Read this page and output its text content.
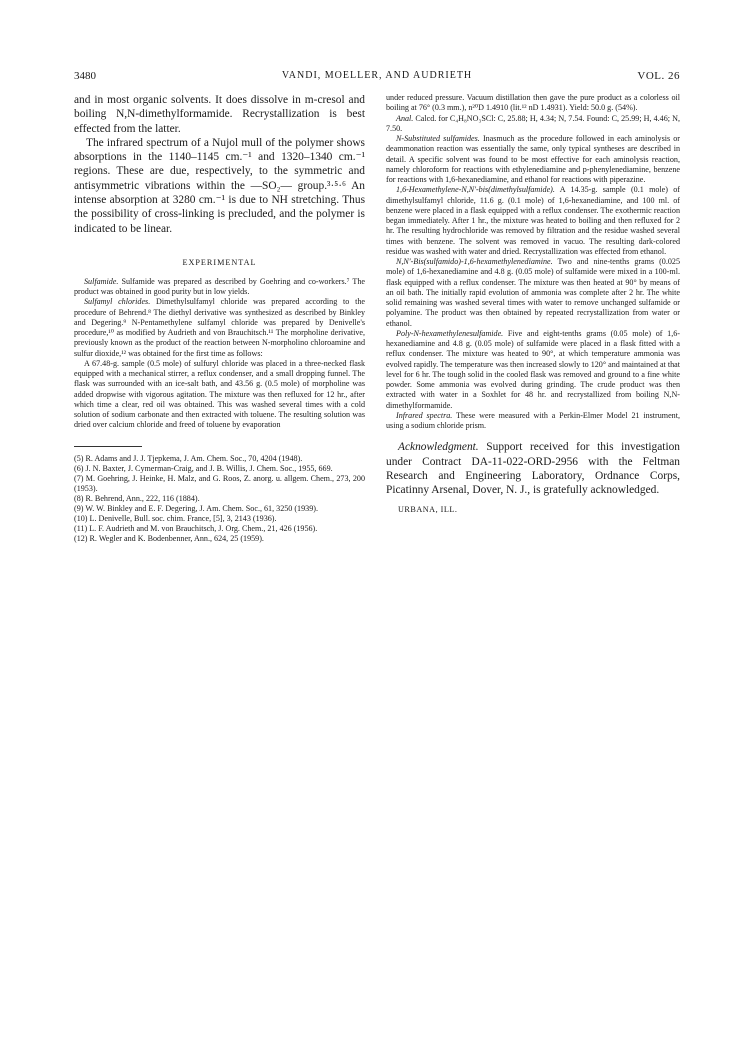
3480	VANDI, MOELLER, AND AUDRIETH	VOL. 26

and in most organic solvents. It does dissolve in m-cresol and boiling N,N-dimethylformamide. Recrystallization is best effected from the latter.

The infrared spectrum of a Nujol mull of the polymer shows absorptions in the 1140–1145 cm.⁻¹ and 1320–1340 cm.⁻¹ regions. These are due, respectively, to the symmetric and antisymmetric vibrations within the —SO₂— group.³·⁵·⁶ An intense absorption at 3280 cm.⁻¹ is due to NH stretching. Thus the possibility of cross-linking is precluded, and the polymer is indicated to be linear.

EXPERIMENTAL

Sulfamide. Sulfamide was prepared as described by Goehring and co-workers.⁷ The product was obtained in good purity but in low yields.

Sulfamyl chlorides. Dimethylsulfamyl chloride was prepared according to the procedure of Behrend.⁸ The diethyl derivative was synthesized as described by Binkley and Degering.⁹ N-Pentamethylene sulfamyl chloride was prepared by Denivelle's procedure,¹⁰ as modified by Audrieth and von Brauchitsch.¹¹ The morpholine derivative, previously known as the product of the reaction between N-morpholino chloroamine and sulfur dioxide,¹² was obtained for the first time as follows:

A 67.48-g. sample (0.5 mole) of sulfuryl chloride was placed in a three-necked flask equipped with a mechanical stirrer, a reflux condenser, and a small dropping funnel. The flask was surrounded with an ice-salt bath, and 43.56 g. (0.5 mole) of morpholine was added dropwise with vigorous agitation. The mixture was then refluxed for 12 hr., after which time a clear, red oil was obtained. This was washed several times with a cold solution of sodium carbonate and then extracted with toluene. The resulting solution was dried over calcium chloride and freed of toluene by evaporation

(5) R. Adams and J. J. Tjepkema, J. Am. Chem. Soc., 70, 4204 (1948).

(6) J. N. Baxter, J. Cymerman-Craig, and J. B. Willis, J. Chem. Soc., 1955, 669.

(7) M. Goehring, J. Heinke, H. Malz, and G. Roos, Z. anorg. u. allgem. Chem., 273, 200 (1953).

(8) R. Behrend, Ann., 222, 116 (1884).

(9) W. W. Binkley and E. F. Degering, J. Am. Chem. Soc., 61, 3250 (1939).

(10) L. Denivelle, Bull. soc. chim. France, [5], 3, 2143 (1936).

(11) L. F. Audrieth and M. von Brauchitsch, J. Org. Chem., 21, 426 (1956).

(12) R. Wegler and K. Bodenbenner, Ann., 624, 25 (1959).

under reduced pressure. Vacuum distillation then gave the pure product as a colorless oil boiling at 76° (0.3 mm.), n²⁰D 1.4910 (lit.¹² nD 1.4931). Yield: 50.0 g. (54%).

Anal. Calcd. for C₄H₈NO₃SCl: C, 25.88; H, 4.34; N, 7.54. Found: C, 25.99; H, 4.46; N, 7.50.

N-Substituted sulfamides. Inasmuch as the procedure followed in each aminolysis or deammonation reaction was essentially the same, only typical syntheses are described in detail. A specific solvent was found to be most effective for each aminolysis reaction, namely chloroform for reactions with ethylenediamine and p-phenylenediamine, benzene for reactions with 1,6-hexanediamine, and ethanol for reactions with piperazine.

1,6-Hexamethylene-N,N′-bis(dimethylsulfamide). A 14.35-g. sample (0.1 mole) of dimethylsulfamyl chloride, 11.6 g. (0.1 mole) of 1,6-hexanediamine, and 100 ml. of benzene were placed in a flask equipped with a reflux condenser. The exothermic reaction began immediately. After 1 hr., the mixture was heated to boiling and then refluxed for 2 hr. The resulting hydrochloride was removed by filtration and the residue washed several times with benzene. The solvent was removed in vacuo. The resulting dark-colored residue was washed with water and dried. Recrystallization was effected from ethanol.

N,N′-Bis(sulfamido)-1,6-hexamethylenediamine. Two and nine-tenths grams (0.025 mole) of 1,6-hexanediamine and 4.8 g. (0.05 mole) of sulfamide were mixed in a 100-ml. flask equipped with a reflux condenser. The mixture was then heated at 90° by means of an oil bath. The initially rapid evolution of ammonia was complete after 2 hr. The white solid remaining was washed several times with water to remove unchanged sulfamide or polyamine. The product was then obtained by repeated recrystallization from water or ethanol.

Poly-N-hexamethylenesulfamide. Five and eight-tenths grams (0.05 mole) of 1,6-hexanediamine and 4.8 g. (0.05 mole) of sulfamide were placed in a flask fitted with a reflux condenser. The mixture was heated to 90°, at which temperature ammonia was evolved rapidly. The temperature was then increased slowly to 120° and maintained at that level for 6 hr. The tough solid in the cooled flask was removed and ground to a fine white powder. Some ammonia was evolved during grinding. The crude product was then extracted with water in a Soxhlet for 48 hr. and recrystallized from boiling N,N-dimethylformamide.

Infrared spectra. These were measured with a Perkin-Elmer Model 21 instrument, using a sodium chloride prism.

Acknowledgment. Support received for this investigation under Contract DA-11-022-ORD-2956 with the Feltman Research and Engineering Laboratory, Ordnance Corps, Picatinny Arsenal, Dover, N. J., is gratefully acknowledged.

URBANA, ILL.
